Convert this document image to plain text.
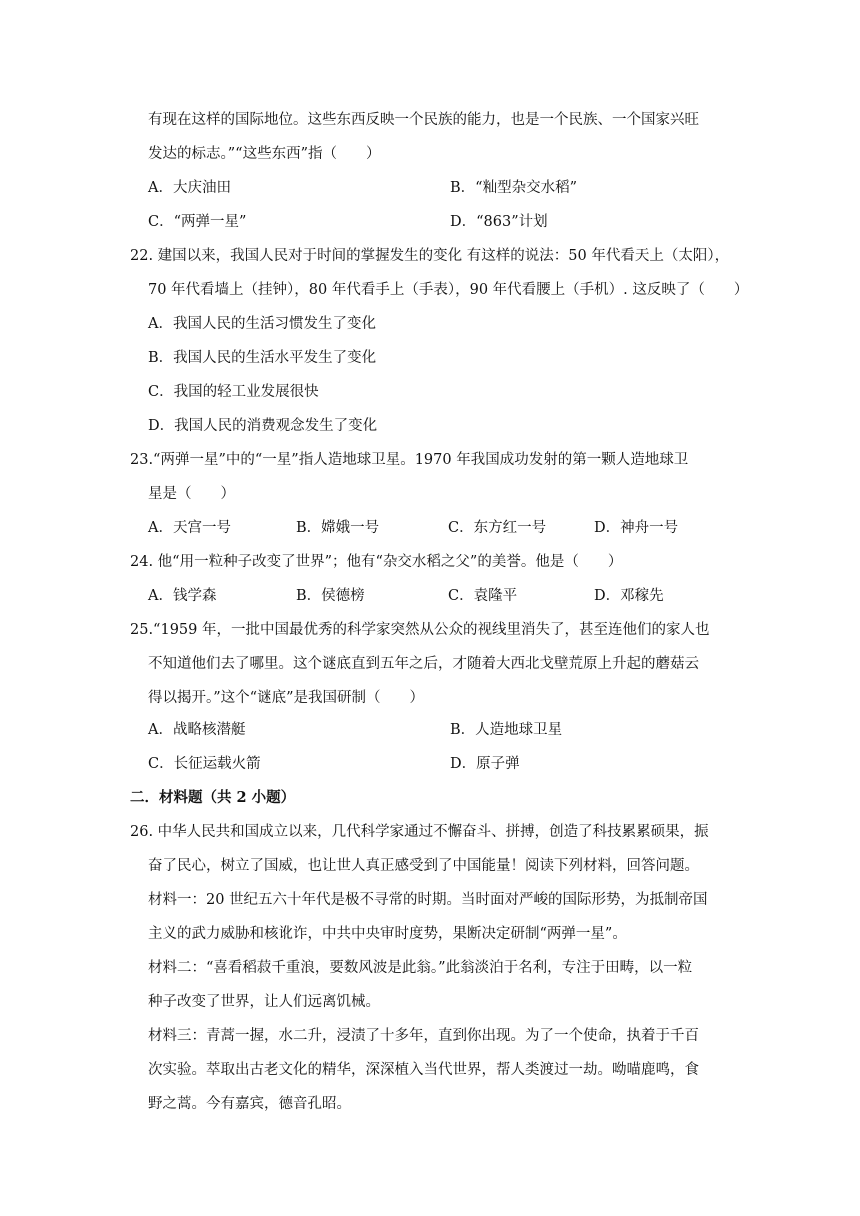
有现在这样的国际地位。这些东西反映一个民族的能力，也是一个民族、一个国家兴旺
发达的标志。”“这些东西”指（　　）
A．大庆油田	B．“籼型杂交水稻”
C．“两弹一星”	D．“863”计划
22. 建国以来，我国人民对于时间的掌握发生的变化 有这样的说法：50 年代看天上（太阳），
70 年代看墙上（挂钟），80 年代看手上（手表），90 年代看腰上（手机）. 这反映了（　　）
A．我国人民的生活习惯发生了变化
B．我国人民的生活水平发生了变化
C．我国的轻工业发展很快
D．我国人民的消费观念发生了变化
23.“两弹一星”中的“一星”指人造地球卫星。1970 年我国成功发射的第一颗人造地球卫
星是（　　）
A．天宫一号	B．嫦娥一号	C．东方红一号	D．神舟一号
24. 他“用一粒种子改变了世界”；他有“杂交水稻之父”的美誉。他是（　　）
A．钱学森	B．侯德榜	C．袁隆平	D．邓稼先
25.“1959 年，一批中国最优秀的科学家突然从公众的视线里消失了，甚至连他们的家人也
不知道他们去了哪里。这个谜底直到五年之后，才随着大西北戈壁荒原上升起的蘑菇云
得以揭开。”这个“谜底”是我国研制（　　）
A．战略核潜艇	B．人造地球卫星
C．长征运载火箭	D．原子弹
二．材料题（共 2 小题）
26. 中华人民共和国成立以来，几代科学家通过不懈奋斗、拼搏，创造了科技累累硕果，振
奋了民心，树立了国威，也让世人真正感受到了中国能量！阅读下列材料，回答问题。
材料一：20 世纪五六十年代是极不寻常的时期。当时面对严峻的国际形势，为抵制帝国
主义的武力威胁和核讹诈，中共中央审时度势，果断决定研制“两弹一星”。
材料二：“喜看稻菽千重浪，要数风波是此翁。”此翁淡泊于名利，专注于田畴，以一粒
种子改变了世界，让人们远离饥械。
材料三：青蒿一握，水二升，浸渍了十多年，直到你出现。为了一个使命，执着于千百
次实验。萃取出古老文化的精华，深深植入当代世界，帮人类渡过一劫。呦喵鹿鸣，食
野之蒿。今有嘉宾，德音孔昭。
